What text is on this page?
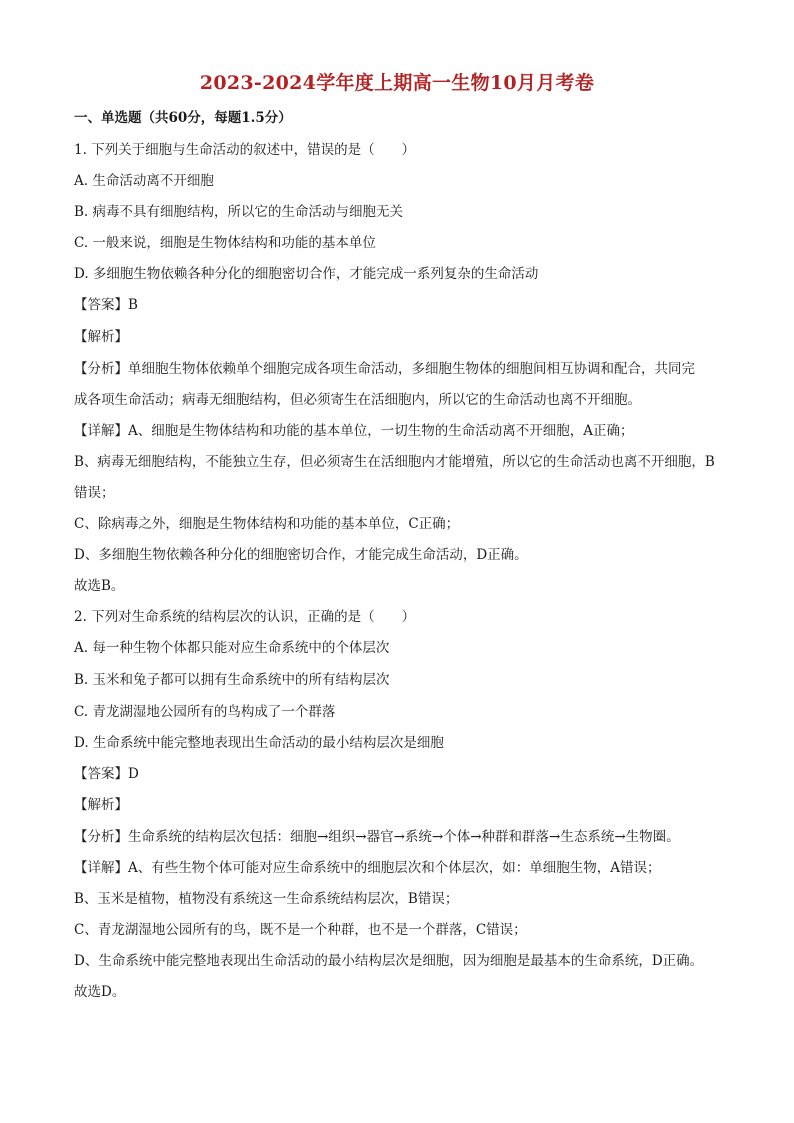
2023-2024学年度上期高一生物10月月考卷
一、单选题（共60分，每题1.5分）
1. 下列关于细胞与生命活动的叙述中，错误的是（　　）
A. 生命活动离不开细胞
B. 病毒不具有细胞结构，所以它的生命活动与细胞无关
C. 一般来说，细胞是生物体结构和功能的基本单位
D. 多细胞生物依赖各种分化的细胞密切合作，才能完成一系列复杂的生命活动
【答案】B
【解析】
【分析】单细胞生物体依赖单个细胞完成各项生命活动，多细胞生物体的细胞间相互协调和配合，共同完
成各项生命活动；病毒无细胞结构，但必须寄生在活细胞内，所以它的生命活动也离不开细胞。
【详解】A、细胞是生物体结构和功能的基本单位，一切生物的生命活动离不开细胞，A正确；
B、病毒无细胞结构，不能独立生存，但必须寄生在活细胞内才能增殖，所以它的生命活动也离不开细胞，B
错误；
C、除病毒之外，细胞是生物体结构和功能的基本单位，C正确；
D、多细胞生物依赖各种分化的细胞密切合作，才能完成生命活动，D正确。
故选B。
2. 下列对生命系统的结构层次的认识，正确的是（　　）
A. 每一种生物个体都只能对应生命系统中的个体层次
B. 玉米和兔子都可以拥有生命系统中的所有结构层次
C. 青龙湖湿地公园所有的鸟构成了一个群落
D. 生命系统中能完整地表现出生命活动的最小结构层次是细胞
【答案】D
【解析】
【分析】生命系统的结构层次包括：细胞→组织→器官→系统→个体→种群和群落→生态系统→生物圈。
【详解】A、有些生物个体可能对应生命系统中的细胞层次和个体层次，如：单细胞生物，A错误；
B、玉米是植物，植物没有系统这一生命系统结构层次，B错误；
C、青龙湖湿地公园所有的鸟，既不是一个种群，也不是一个群落，C错误；
D、生命系统中能完整地表现出生命活动的最小结构层次是细胞，因为细胞是最基本的生命系统，D正确。
故选D。
